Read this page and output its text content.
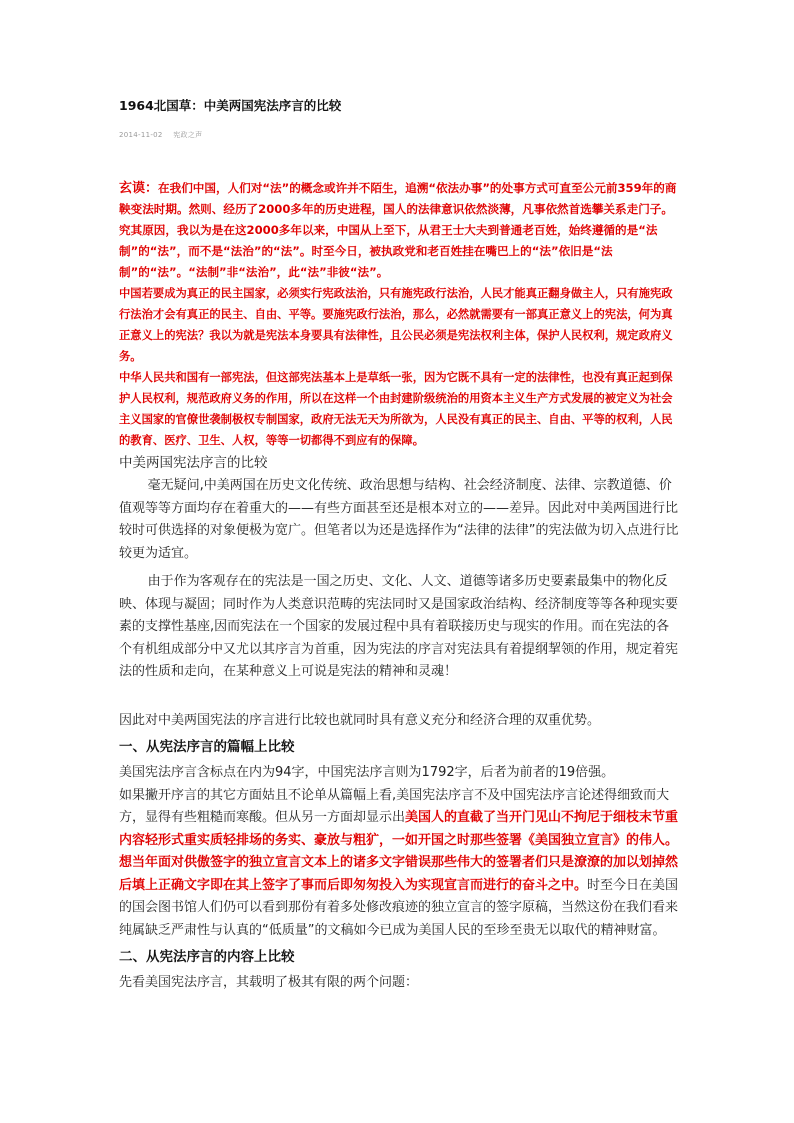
1964北国草：中美两国宪法序言的比较
2014-11-02 宪政之声

玄谟：在我们中国，人们对“法”的概念或许并不陌生，追溯“依法办事”的处事方式可直至公元前359年的商鞅变法时期。然则、经历了2000多年的历史进程，国人的法律意识依然淡薄，凡事依然首选攀关系走门子。究其原因，我以为是在这2000多年以来，中国从上至下，从君王士大夫到普通老百姓，始终遵循的是“法制”的“法”，而不是“法治”的“法”。时至今日，被执政党和老百姓挂在嘴巴上的“法”依旧是“法制”的“法”。“法制”非“法治”，此“法”非彼“法”。

中国若要成为真正的民主国家，必须实行宪政法治，只有施宪政行法治，人民才能真正翻身做主人，只有施宪政行法治才会有真正的民主、自由、平等。要施宪政行法治，那么，必然就需要有一部真正意义上的宪法，何为真正意义上的宪法？我以为就是宪法本身要具有法律性，且公民必须是宪法权利主体，保护人民权利，规定政府义务。

中华人民共和国有一部宪法，但这部宪法基本上是草纸一张，因为它既不具有一定的法律性，也没有真正起到保护人民权利，规范政府义务的作用，所以在这样一个由封建阶级统治的用资本主义生产方式发展的被定义为社会主义国家的官僚世袭制极权专制国家，政府无法无天为所欲为，人民没有真正的民主、自由、平等的权利，人民的教育、医疗、卫生、人权，等等一切都得不到应有的保障。

中美两国宪法序言的比较

毫无疑问,中美两国在历史文化传统、政治思想与结构、社会经济制度、法律、宗教道德、价值观等等方面均存在着重大的——有些方面甚至还是根本对立的——差异。因此对中美两国进行比较时可供选择的对象便极为宽广。但笔者以为还是选择作为“法律的法律”的宪法做为切入点进行比较更为适宜。

由于作为客观存在的宪法是一国之历史、文化、人文、道德等诸多历史要素最集中的物化反映、体现与凝固；同时作为人类意识范畴的宪法同时又是国家政治结构、经济制度等等各种现实要素的支撑性基座,因而宪法在一个国家的发展过程中具有着联接历史与现实的作用。而在宪法的各个有机组成部分中又尤以其序言为首重，因为宪法的序言对宪法具有着提纲挈领的作用，规定着宪法的性质和走向，在某种意义上可说是宪法的精神和灵魂！

因此对中美两国宪法的序言进行比较也就同时具有意义充分和经济合理的双重优势。

一、从宪法序言的篇幅上比较

美国宪法序言含标点在内为94字，中国宪法序言则为1792字，后者为前者的19倍强。

如果撇开序言的其它方面姑且不论单从篇幅上看,美国宪法序言不及中国宪法序言论述得细致而大方，显得有些粗糙而寒酸。但从另一方面却显示出美国人的直截了当开门见山不拘尼于细枝末节重内容轻形式重实质轻排场的务实、豪放与粗犷，一如开国之时那些签署《美国独立宣言》的伟人。想当年面对供傲签字的独立宣言文本上的诸多文字错误那些伟大的签署者们只是潦潦的加以划掉然后填上正确文字即在其上签字了事而后即匆匆投入为实现宣言而进行的奋斗之中。时至今日在美国的国会图书馆人们仍可以看到那份有着多处修改痕迹的独立宣言的签字原稿，当然这份在我们看来纯属缺乏严肃性与认真的“低质量”的文稿如今已成为美国人民的至珍至贵无以取代的精神财富。

二、从宪法序言的内容上比较

先看美国宪法序言，其载明了极其有限的两个问题：
